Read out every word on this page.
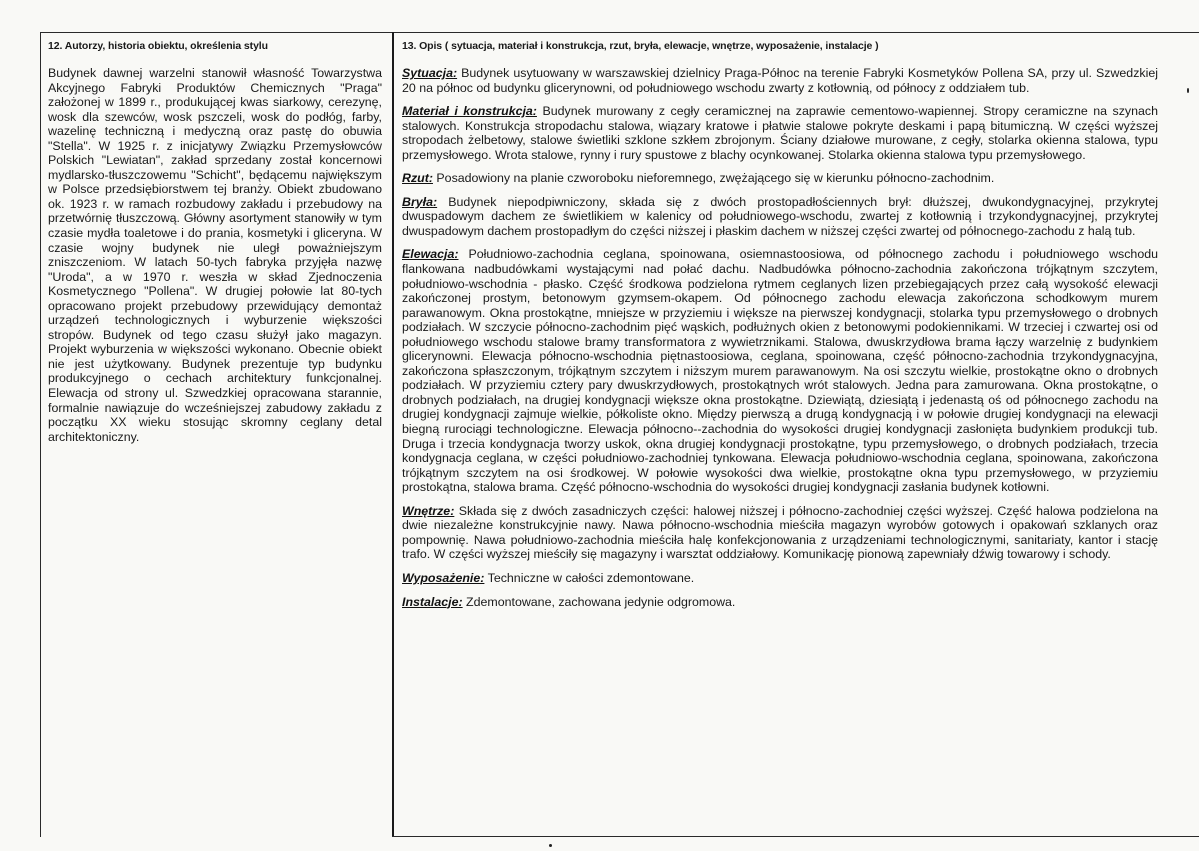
12. Autorzy, historia obiektu, określenia stylu

Budynek dawnej warzelni stanowił własność Towarzystwa Akcyjnego Fabryki Produktów Chemicznych "Praga" założonej w 1899 r., produkującej kwas siarkowy, cerezynę, wosk dla szewców, wosk pszczeli, wosk do podłóg, farby, wazelinę techniczną i medyczną oraz pastę do obuwia "Stella". W 1925 r. z inicjatywy Związku Przemysłowców Polskich "Lewiatan", zakład sprzedany został koncernowi mydlarsko-tłuszczowemu "Schicht", będącemu największym w Polsce przedsiębiorstwem tej branży. Obiekt zbudowano ok. 1923 r. w ramach rozbudowy zakładu i przebudowy na przetwórnię tłuszczową. Główny asortyment stanowiły w tym czasie mydła toaletowe i do prania, kosmetyki i gliceryna. W czasie wojny budynek nie uległ poważniejszym zniszczeniom. W latach 50-tych fabryka przyjęła nazwę "Uroda", a w 1970 r. weszła w skład Zjednoczenia Kosmetycznego "Pollena". W drugiej połowie lat 80-tych opracowano projekt przebudowy przewidujący demontaż urządzeń technologicznych i wyburzenie większości stropów. Budynek od tego czasu służył jako magazyn. Projekt wyburzenia w większości wykonano. Obecnie obiekt nie jest użytkowany. Budynek prezentuje typ budynku produkcyjnego o cechach architektury funkcjonalnej. Elewacja od strony ul. Szwedzkiej opracowana starannie, formalnie nawiązuje do wcześniejszej zabudowy zakładu z początku XX wieku stosując skromny ceglany detal architektoniczny.

13. Opis ( sytuacja, materiał i konstrukcja, rzut, bryła, elewacje, wnętrze, wyposażenie, instalacje )

Sytuacja: Budynek usytuowany w warszawskiej dzielnicy Praga-Północ na terenie Fabryki Kosmetyków Pollena SA, przy ul. Szwedzkiej 20 na północ od budynku glicerynowni, od południowego wschodu zwarty z kotłownią, od północy z oddziałem tub.

Materiał i konstrukcja: Budynek murowany z cegły ceramicznej na zaprawie cementowo-wapiennej. Stropy ceramiczne na szynach stalowych. Konstrukcja stropodachu stalowa, wiązary kratowe i płatwie stalowe pokryte deskami i papą bitumiczną. W części wyższej stropodach żelbetowy, stalowe świetliki szklone szkłem zbrojonym. Ściany działowe murowane, z cegły, stolarka okienna stalowa, typu przemysłowego. Wrota stalowe, rynny i rury spustowe z blachy ocynkowanej. Stolarka okienna stalowa typu przemysłowego.

Rzut: Posadowiony na planie czworoboku nieforemnego, zwężającego się w kierunku północno-zachodnim.

Bryła: Budynek niepodpiwniczony, składa się z dwóch prostopadłościennych brył: dłuższej, dwukondygnacyjnej, przykrytej dwuspadowym dachem ze świetlikiem w kalenicy od południowego-wschodu, zwartej z kotłownią i trzykondygnacyjnej, przykrytej dwuspadowym dachem prostopadłym do części niższej i płaskim dachem w niższej części zwartej od północnego-zachodu z halą tub.

Elewacja: Południowo-zachodnia ceglana, spoinowana, osiemnastoosiowa, od północnego zachodu i południowego wschodu flankowana nadbudówkami wystającymi nad połać dachu. Nadbudówka północno-zachodnia zakończona trójkątnym szczytem, południowo-wschodnia - płasko. Część środkowa podzielona rytmem ceglanych lizen przebiegających przez całą wysokość elewacji zakończonej prostym, betonowym gzymsem-okapem. Od północnego zachodu elewacja zakończona schodkowym murem parawanowym. Okna prostokątne, mniejsze w przyziemiu i większe na pierwszej kondygnacji, stolarka typu przemysłowego o drobnych podziałach. W szczycie północno-zachodnim pięć wąskich, podłużnych okien z betonowymi podokiennikami. W trzeciej i czwartej osi od południowego wschodu stalowe bramy transformatora z wywietrznikami. Stalowa, dwuskrzydłowa brama łączy warzelnię z budynkiem glicerynowni. Elewacja północno-wschodnia piętnastoosiowa, ceglana, spoinowana, część północno-zachodnia trzykondygnacyjna, zakończona spłaszczonym, trójkątnym szczytem i niższym murem parawanowym. Na osi szczytu wielkie, prostokątne okno o drobnych podziałach. W przyziemiu cztery pary dwuskrzydłowych, prostokątnych wrót stalowych. Jedna para zamurowana. Okna prostokątne, o drobnych podziałach, na drugiej kondygnacji większe okna prostokątne. Dziewiątą, dziesiątą i jedenastą oś od północnego zachodu na drugiej kondygnacji zajmuje wielkie, półkoliste okno. Między pierwszą a drugą kondygnacją i w połowie drugiej kondygnacji na elewacji biegną rurociągi technologiczne. Elewacja północno--zachodnia do wysokości drugiej kondygnacji zasłonięta budynkiem produkcji tub. Druga i trzecia kondygnacja tworzy uskok, okna drugiej kondygnacji prostokątne, typu przemysłowego, o drobnych podziałach, trzecia kondygnacja ceglana, w części południowo-zachodniej tynkowana. Elewacja południowo-wschodnia ceglana, spoinowana, zakończona trójkątnym szczytem na osi środkowej. W połowie wysokości dwa wielkie, prostokątne okna typu przemysłowego, w przyziemiu prostokątna, stalowa brama. Część północno-wschodnia do wysokości drugiej kondygnacji zasłania budynek kotłowni.

Wnętrze: Składa się z dwóch zasadniczych części: halowej niższej i północno-zachodniej części wyższej. Część halowa podzielona na dwie niezależne konstrukcyjnie nawy. Nawa północno-wschodnia mieściła magazyn wyrobów gotowych i opakowań szklanych oraz pompownię. Nawa południowo-zachodnia mieściła halę konfekcjonowania z urządzeniami technologicznymi, sanitariaty, kantor i stację trafo. W części wyższej mieściły się magazyny i warsztat oddziałowy. Komunikację pionową zapewniały dźwig towarowy i schody.

Wyposażenie: Techniczne w całości zdemontowane.

Instalacje: Zdemontowane, zachowana jedynie odgromowa.
